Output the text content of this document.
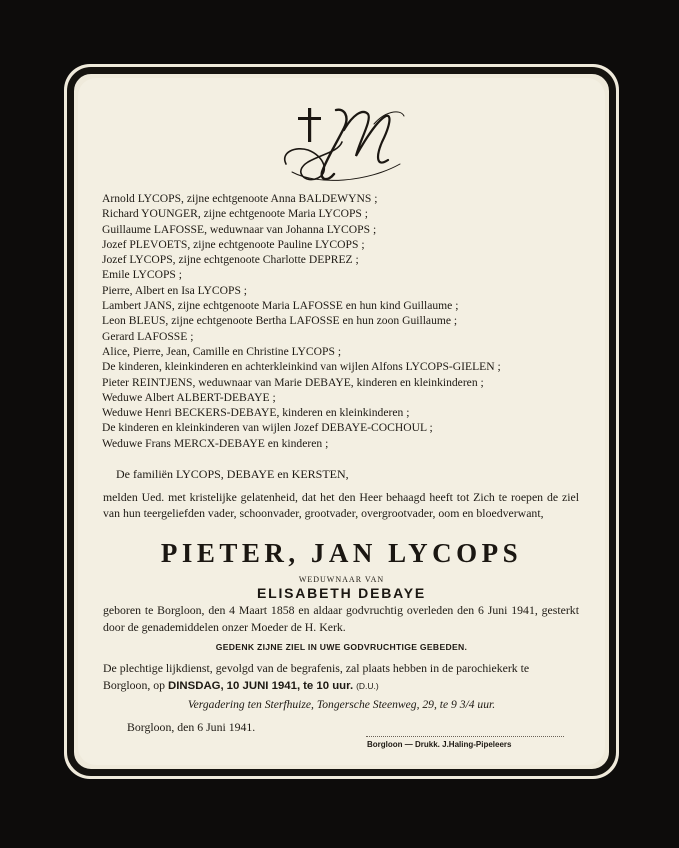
Arnold LYCOPS, zijne echtgenoote Anna BALDEWYNS ;
Richard YOUNGER, zijne echtgenoote Maria LYCOPS ;
Guillaume LAFOSSE, weduwnaar van Johanna LYCOPS ;
Jozef PLEVOETS, zijne echtgenoote Pauline LYCOPS ;
Jozef LYCOPS, zijne echtgenoote Charlotte DEPREZ ;
Emile LYCOPS ;
Pierre, Albert en Isa LYCOPS ;
Lambert JANS, zijne echtgenoote Maria LAFOSSE en hun kind Guillaume ;
Leon BLEUS, zijne echtgenoote Bertha LAFOSSE en hun zoon Guillaume ;
Gerard LAFOSSE ;
Alice, Pierre, Jean, Camille en Christine LYCOPS ;
De kinderen, kleinkinderen en achterkleinkind van wijlen Alfons LYCOPS-GIELEN ;
Pieter REINTJENS, weduwnaar van Marie DEBAYE, kinderen en kleinkinderen ;
Weduwe Albert ALBERT-DEBAYE ;
Weduwe Henri BECKERS-DEBAYE, kinderen en kleinkinderen ;
De kinderen en kleinkinderen van wijlen Jozef DEBAYE-COCHOUL ;
Weduwe Frans MERCX-DEBAYE en kinderen ;
De familiën LYCOPS, DEBAYE en KERSTEN,
melden Ued. met kristelijke gelatenheid, dat het den Heer behaagd heeft tot Zich te roepen de ziel van hun teergeliefden vader, schoonvader, grootvader, overgrootvader, oom en bloedverwant,
PIETER, JAN LYCOPS
WEDUWNAAR VAN
ELISABETH DEBAYE
geboren te Borgloon, den 4 Maart 1858 en aldaar godvruchtig overleden den 6 Juni 1941, gesterkt door de genademiddelen onzer Moeder de H. Kerk.
GEDENK ZIJNE ZIEL IN UWE GODVRUCHTIGE GEBEDEN.
De plechtige lijkdienst, gevolgd van de begrafenis, zal plaats hebben in de parochiekerk te Borgloon, op DINSDAG, 10 JUNI 1941, te 10 uur. (D.U.)
Vergadering ten Sterfhuize, Tongersche Steenweg, 29, te 9 3/4 uur.
Borgloon, den 6 Juni 1941.
Borgloon — Drukk. J.Haling-Pipeleers
